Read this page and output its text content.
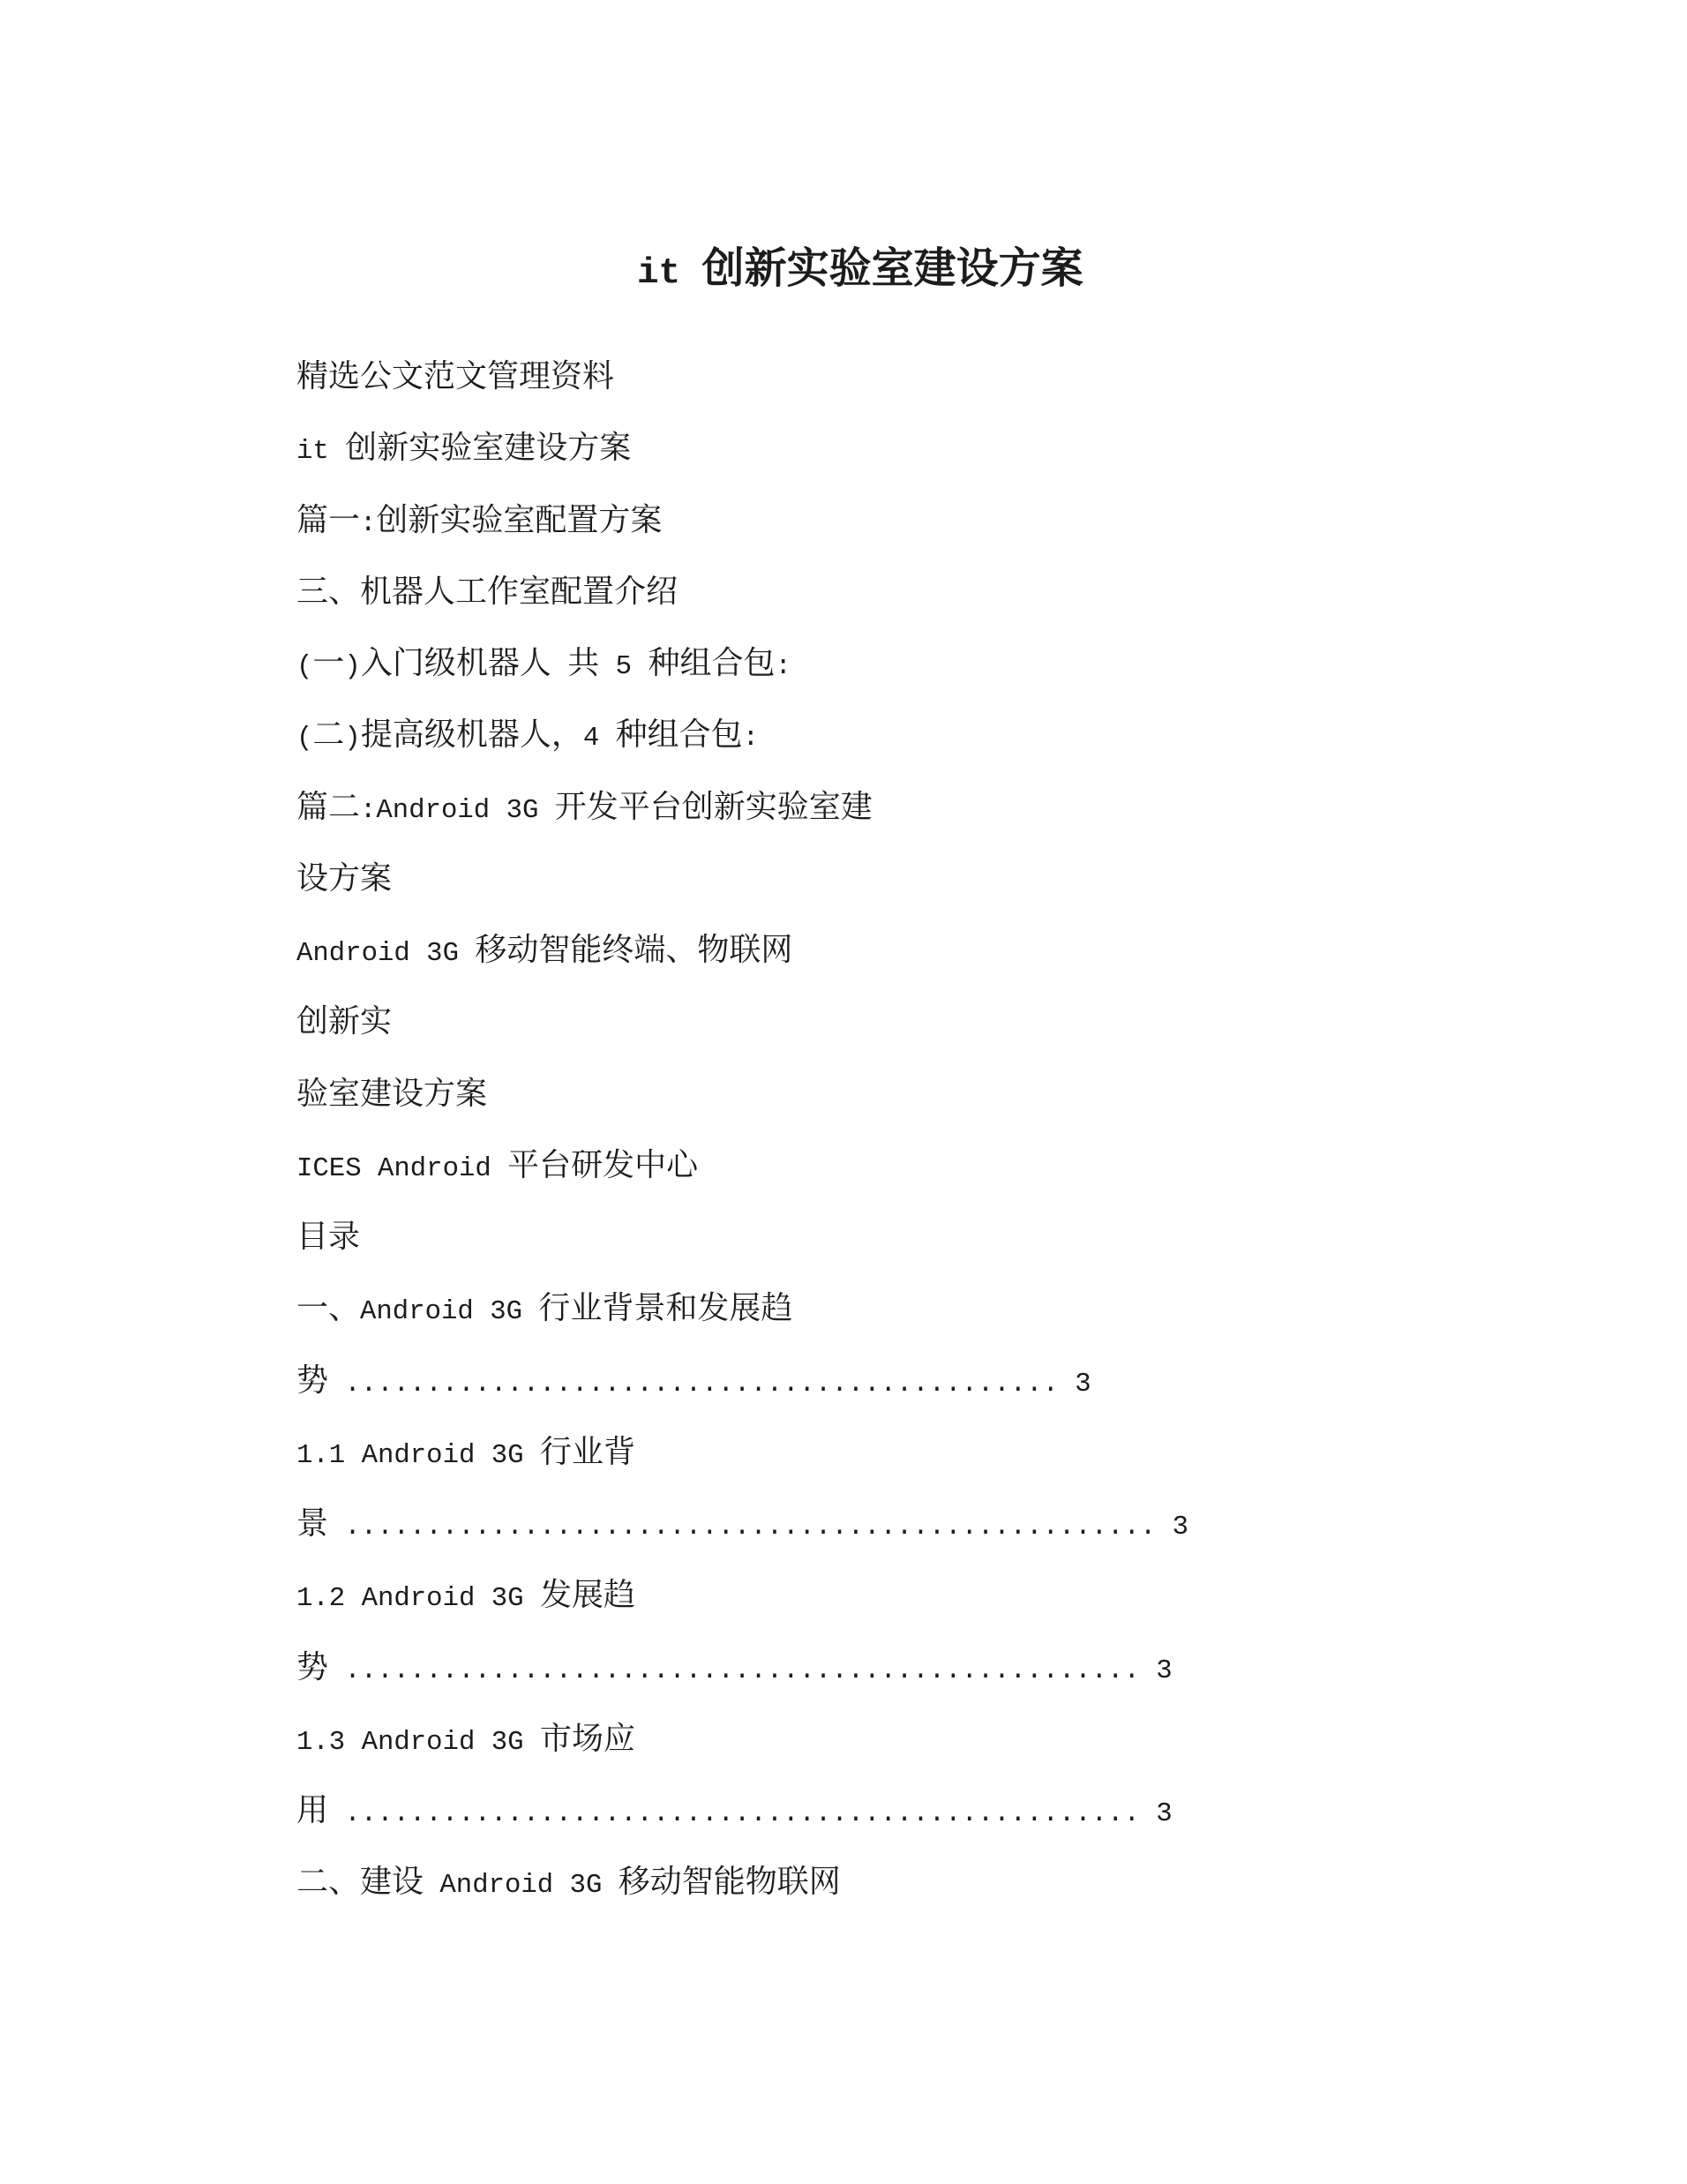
it 创新实验室建设方案
精选公文范文管理资料
it 创新实验室建设方案
篇一:创新实验室配置方案
三、机器人工作室配置介绍
(一)入门级机器人 共 5 种组合包:
(二)提高级机器人，4 种组合包:
篇二:Android 3G 开发平台创新实验室建
设方案
Android 3G 移动智能终端、物联网
创新实
验室建设方案
ICES Android 平台研发中心
目录
一、Android 3G 行业背景和发展趋
势 ............................................ 3
1.1 Android 3G 行业背
景 .................................................. 3
1.2 Android 3G 发展趋
势 ................................................. 3
1.3 Android 3G 市场应
用 ................................................. 3
二、建设 Android 3G 移动智能物联网
